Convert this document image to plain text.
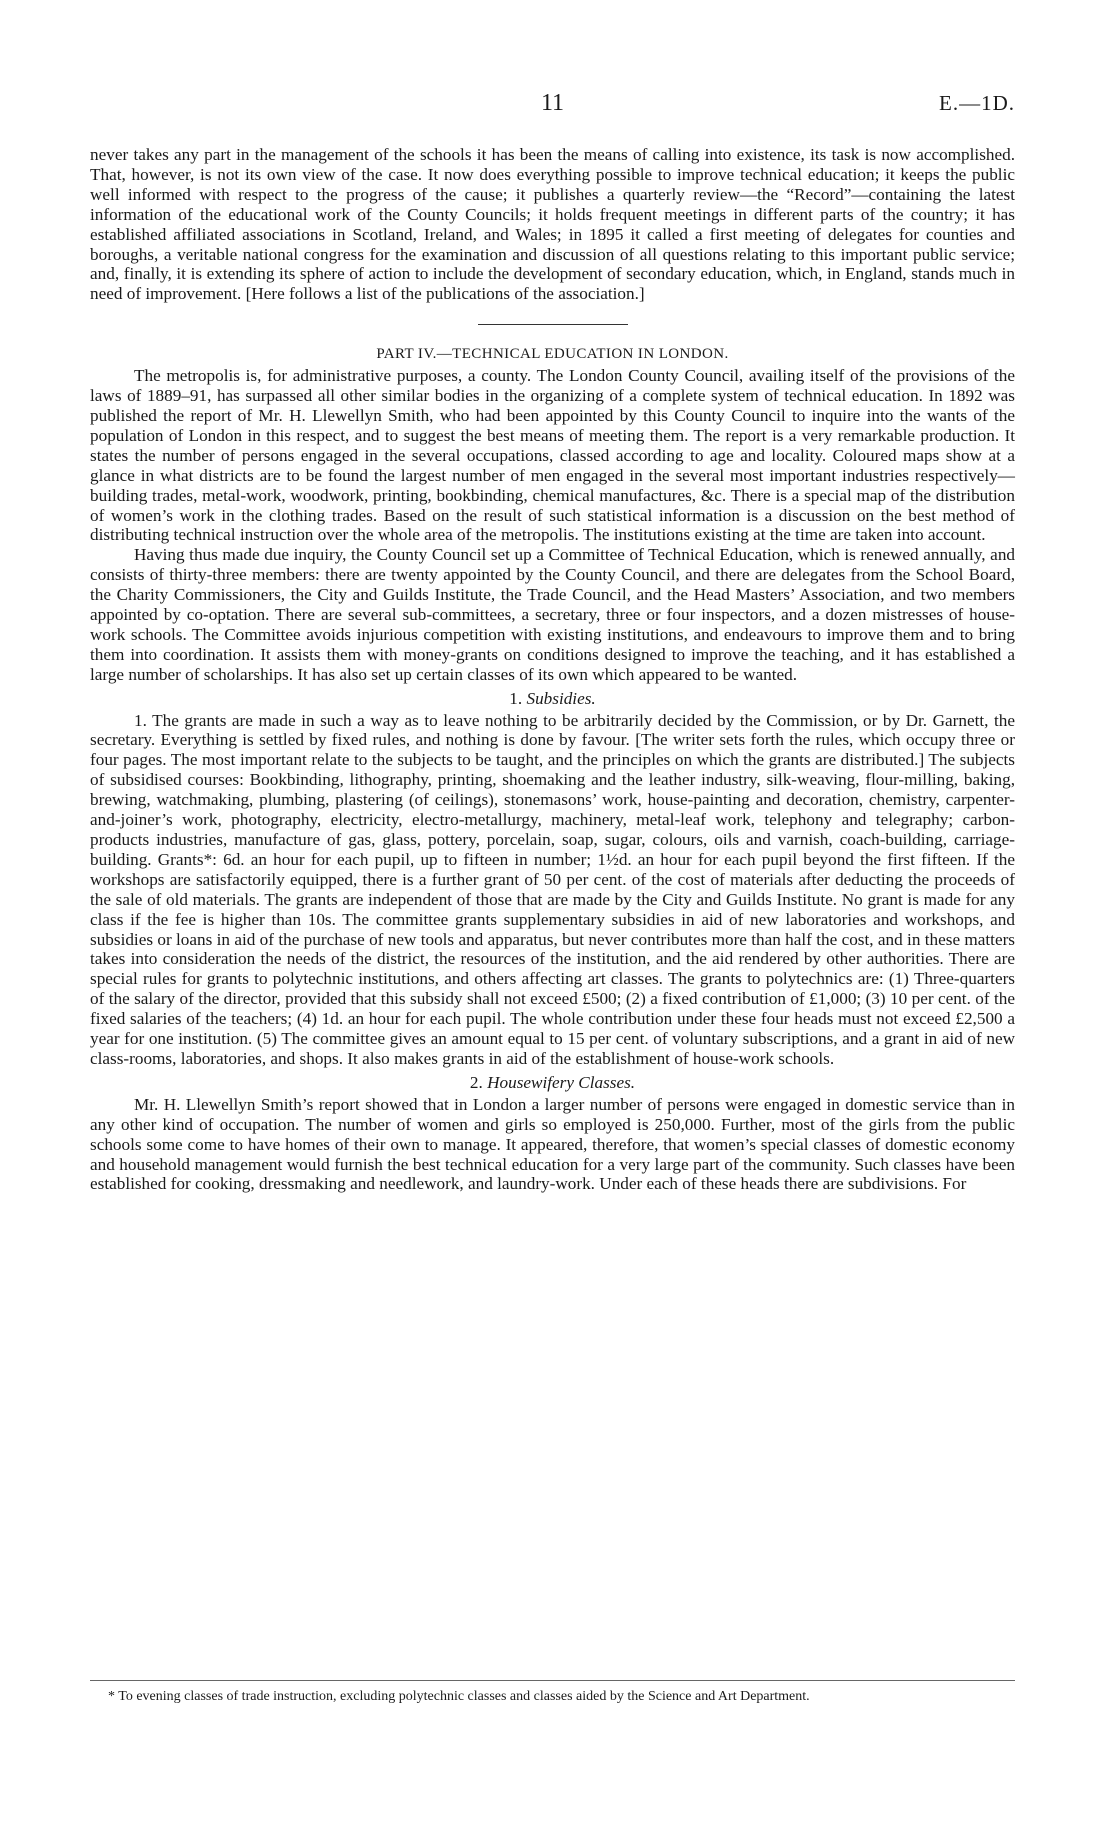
11	E.—1D.

never takes any part in the management of the schools it has been the means of calling into existence, its task is now accomplished. That, however, is not its own view of the case. It now does everything possible to improve technical education; it keeps the public well informed with respect to the progress of the cause; it publishes a quarterly review—the “Record”—containing the latest information of the educational work of the County Councils; it holds frequent meetings in different parts of the country; it has established affiliated associations in Scotland, Ireland, and Wales; in 1895 it called a first meeting of delegates for counties and boroughs, a veritable national congress for the examination and discussion of all questions relating to this important public service; and, finally, it is extending its sphere of action to include the development of secondary education, which, in England, stands much in need of improvement. [Here follows a list of the publications of the association.]

PART IV.—TECHNICAL EDUCATION IN LONDON.

The metropolis is, for administrative purposes, a county. The London County Council, availing itself of the provisions of the laws of 1889–91, has surpassed all other similar bodies in the organizing of a complete system of technical education. In 1892 was published the report of Mr. H. Llewellyn Smith, who had been appointed by this County Council to inquire into the wants of the population of London in this respect, and to suggest the best means of meeting them. The report is a very remarkable production. It states the number of persons engaged in the several occupations, classed according to age and locality. Coloured maps show at a glance in what districts are to be found the largest number of men engaged in the several most important industries respectively—building trades, metal-work, woodwork, printing, bookbinding, chemical manufactures, &c. There is a special map of the distribution of women’s work in the clothing trades. Based on the result of such statistical information is a discussion on the best method of distributing technical instruction over the whole area of the metropolis. The institutions existing at the time are taken into account.

Having thus made due inquiry, the County Council set up a Committee of Technical Education, which is renewed annually, and consists of thirty-three members: there are twenty appointed by the County Council, and there are delegates from the School Board, the Charity Commissioners, the City and Guilds Institute, the Trade Council, and the Head Masters’ Association, and two members appointed by co-optation. There are several sub-committees, a secretary, three or four inspectors, and a dozen mistresses of house-work schools. The Committee avoids injurious competition with existing institutions, and endeavours to improve them and to bring them into coordination. It assists them with money-grants on conditions designed to improve the teaching, and it has established a large number of scholarships. It has also set up certain classes of its own which appeared to be wanted.

1. Subsidies.

1. The grants are made in such a way as to leave nothing to be arbitrarily decided by the Commission, or by Dr. Garnett, the secretary. Everything is settled by fixed rules, and nothing is done by favour. [The writer sets forth the rules, which occupy three or four pages. The most important relate to the subjects to be taught, and the principles on which the grants are distributed.] The subjects of subsidised courses: Bookbinding, lithography, printing, shoemaking and the leather industry, silk-weaving, flour-milling, baking, brewing, watchmaking, plumbing, plastering (of ceilings), stonemasons’ work, house-painting and decoration, chemistry, carpenter-and-joiner’s work, photography, electricity, electro-metallurgy, machinery, metal-leaf work, telephony and telegraphy; carbon-products industries, manufacture of gas, glass, pottery, porcelain, soap, sugar, colours, oils and varnish, coach-building, carriage-building. Grants*: 6d. an hour for each pupil, up to fifteen in number; 1½d. an hour for each pupil beyond the first fifteen. If the workshops are satisfactorily equipped, there is a further grant of 50 per cent. of the cost of materials after deducting the proceeds of the sale of old materials. The grants are independent of those that are made by the City and Guilds Institute. No grant is made for any class if the fee is higher than 10s. The committee grants supplementary subsidies in aid of new laboratories and workshops, and subsidies or loans in aid of the purchase of new tools and apparatus, but never contributes more than half the cost, and in these matters takes into consideration the needs of the district, the resources of the institution, and the aid rendered by other authorities. There are special rules for grants to polytechnic institutions, and others affecting art classes. The grants to polytechnics are: (1) Three-quarters of the salary of the director, provided that this subsidy shall not exceed £500; (2) a fixed contribution of £1,000; (3) 10 per cent. of the fixed salaries of the teachers; (4) 1d. an hour for each pupil. The whole contribution under these four heads must not exceed £2,500 a year for one institution. (5) The committee gives an amount equal to 15 per cent. of voluntary subscriptions, and a grant in aid of new class-rooms, laboratories, and shops. It also makes grants in aid of the establishment of house-work schools.

2. Housewifery Classes.

Mr. H. Llewellyn Smith’s report showed that in London a larger number of persons were engaged in domestic service than in any other kind of occupation. The number of women and girls so employed is 250,000. Further, most of the girls from the public schools some come to have homes of their own to manage. It appeared, therefore, that women’s special classes of domestic economy and household management would furnish the best technical education for a very large part of the community. Such classes have been established for cooking, dressmaking and needlework, and laundry-work. Under each of these heads there are subdivisions. For

* To evening classes of trade instruction, excluding polytechnic classes and classes aided by the Science and Art Department.
